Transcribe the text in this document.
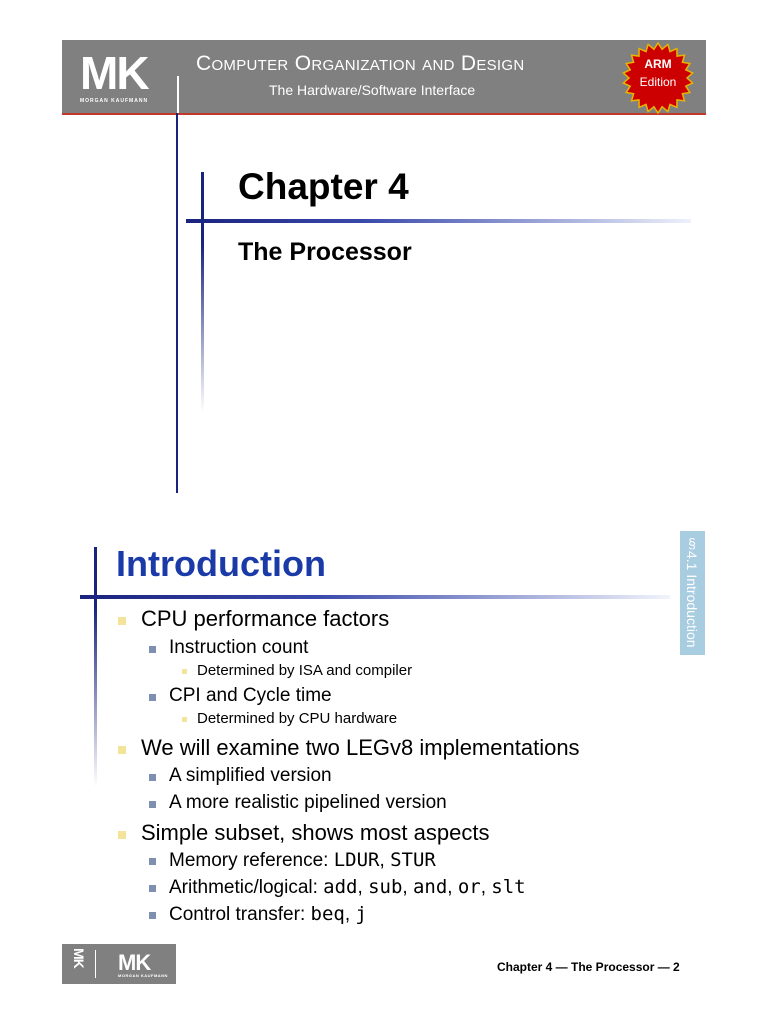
MK
MORGAN KAUFMANN
Computer Organization and Design
The Hardware/Software Interface
ARM
Edition
Chapter 4
The Processor
Introduction	§4.1 Introduction
CPU performance factors
Instruction count
Determined by ISA and compiler
CPI and Cycle time
Determined by CPU hardware
We will examine two LEGv8 implementations
A simplified version
A more realistic pipelined version
Simple subset, shows most aspects
Memory reference: LDUR, STUR
Arithmetic/logical: add, sub, and, or, slt
Control transfer: beq, j
MK MK
MORGAN KAUFMANN
Chapter 4 — The Processor — 2
